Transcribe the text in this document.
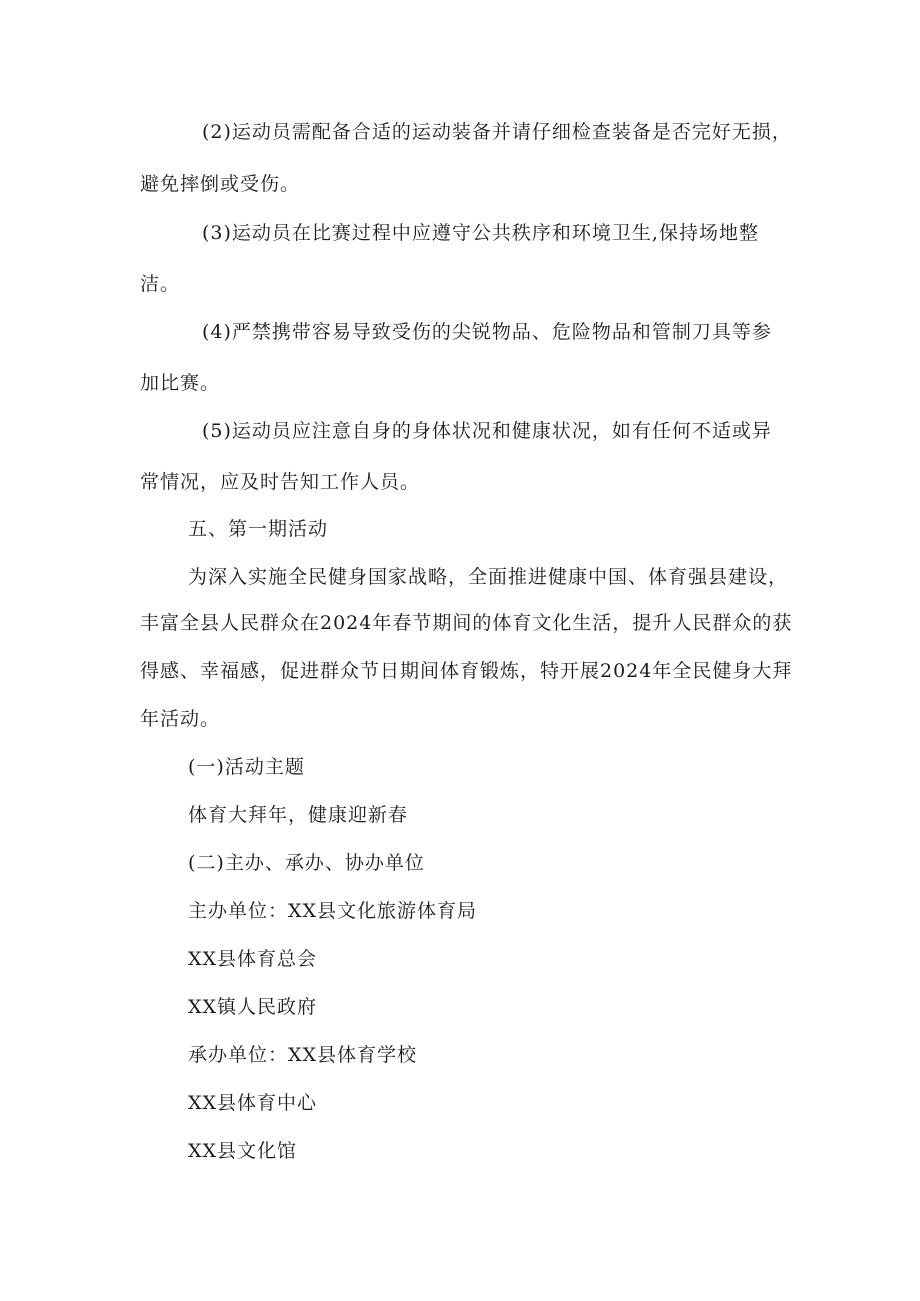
(2)运动员需配备合适的运动装备并请仔细检查装备是否完好无损，
避免摔倒或受伤。
(3)运动员在比赛过程中应遵守公共秩序和环境卫生,保持场地整
洁。
(4)严禁携带容易导致受伤的尖锐物品、危险物品和管制刀具等参
加比赛。
(5)运动员应注意自身的身体状况和健康状况，如有任何不适或异
常情况，应及时告知工作人员。
五、第一期活动
为深入实施全民健身国家战略，全面推进健康中国、体育强县建设，
丰富全县人民群众在2024年春节期间的体育文化生活，提升人民群众的获
得感、幸福感，促进群众节日期间体育锻炼，特开展2024年全民健身大拜
年活动。
(一)活动主题
体育大拜年，健康迎新春
(二)主办、承办、协办单位
主办单位：XX县文化旅游体育局
XX县体育总会
XX镇人民政府
承办单位：XX县体育学校
XX县体育中心
XX县文化馆
